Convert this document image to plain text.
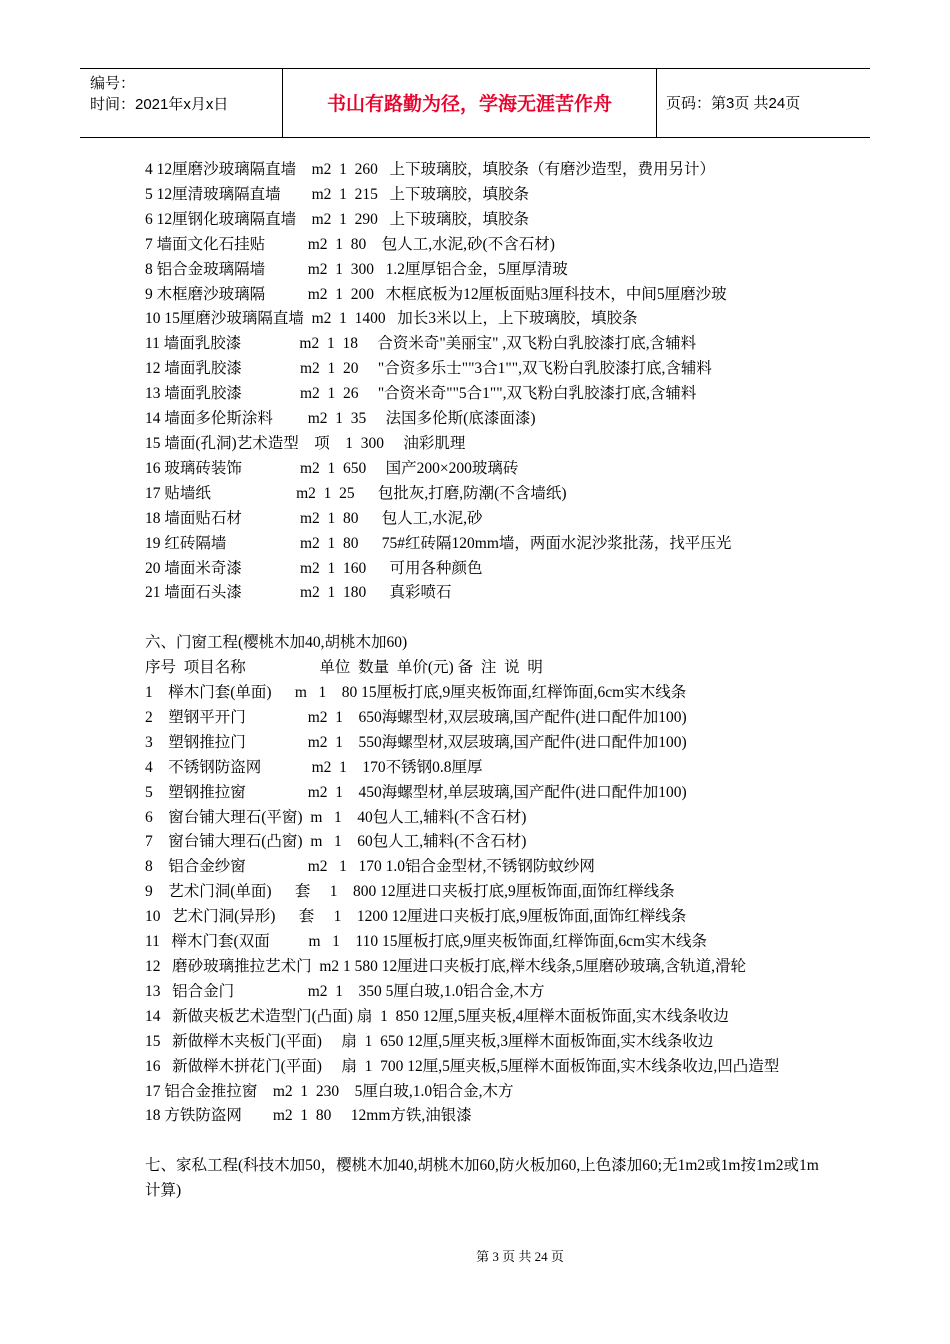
编号：
时间：2021年x月x日	书山有路勤为径，学海无涯苦作舟	页码：第3页 共24页
4 12厘磨沙玻璃隔直墙    m2  1  260   上下玻璃胶，填胶条（有磨沙造型，费用另计）
5 12厘清玻璃隔直墙        m2  1  215   上下玻璃胶，填胶条
6 12厘钢化玻璃隔直墙    m2  1  290   上下玻璃胶，填胶条
7 墙面文化石挂贴           m2  1  80    包人工,水泥,砂(不含石材)
8 铝合金玻璃隔墙           m2  1  300   1.2厘厚铝合金，5厘厚清玻
9 木框磨沙玻璃隔           m2  1  200   木框底板为12厘板面贴3厘科技木，中间5厘磨沙玻
10 15厘磨沙玻璃隔直墙  m2  1  1400   加长3米以上，上下玻璃胶，填胶条
11 墙面乳胶漆               m2  1  18     合资米奇"美丽宝" ,双飞粉白乳胶漆打底,含辅料
12 墙面乳胶漆               m2  1  20     "合资多乐士""3合1"",双飞粉白乳胶漆打底,含辅料
13 墙面乳胶漆               m2  1  26     "合资米奇""5合1"",双飞粉白乳胶漆打底,含辅料
14 墙面多伦斯涂料         m2  1  35     法国多伦斯(底漆面漆)
15 墙面(孔洞)艺术造型    项    1  300     油彩肌理
16 玻璃砖装饰               m2  1  650     国产200×200玻璃砖
17 贴墙纸                      m2  1  25      包批灰,打磨,防潮(不含墙纸)
18 墙面贴石材               m2  1  80      包人工,水泥,砂
19 红砖隔墙                   m2  1  80      75#红砖隔120mm墙，两面水泥沙浆批荡，找平压光
20 墙面米奇漆               m2  1  160      可用各种颜色
21 墙面石头漆               m2  1  180      真彩喷石

六、门窗工程(樱桃木加40,胡桃木加60)
序号  项目名称                   单位  数量  单价(元) 备  注  说  明
1    榉木门套(单面)      m   1    80 15厘板打底,9厘夹板饰面,红榉饰面,6cm实木线条
2    塑钢平开门                m2  1    650海螺型材,双层玻璃,国产配件(进口配件加100)
3    塑钢推拉门                m2  1    550海螺型材,双层玻璃,国产配件(进口配件加100)
4    不锈钢防盗网             m2  1    170不锈钢0.8厘厚
5    塑钢推拉窗                m2  1    450海螺型材,单层玻璃,国产配件(进口配件加100)
6    窗台铺大理石(平窗)  m   1    40包人工,辅料(不含石材)
7    窗台铺大理石(凸窗)  m   1    60包人工,辅料(不含石材)
8    铝合金纱窗                m2   1   170 1.0铝合金型材,不锈钢防蚊纱网
9    艺术门洞(单面)      套     1    800 12厘进口夹板打底,9厘板饰面,面饰红榉线条
10   艺术门洞(异形)      套     1    1200 12厘进口夹板打底,9厘板饰面,面饰红榉线条
11   榉木门套(双面          m   1    110 15厘板打底,9厘夹板饰面,红榉饰面,6cm实木线条
12   磨砂玻璃推拉艺术门  m2 1 580 12厘进口夹板打底,榉木线条,5厘磨砂玻璃,含轨道,滑轮
13   铝合金门                   m2  1    350 5厘白玻,1.0铝合金,木方
14   新做夹板艺术造型门(凸面) 扇  1  850 12厘,5厘夹板,4厘榉木面板饰面,实木线条收边
15   新做榉木夹板门(平面)     扇  1  650 12厘,5厘夹板,3厘榉木面板饰面,实木线条收边
16   新做榉木拼花门(平面)     扇  1  700 12厘,5厘夹板,5厘榉木面板饰面,实木线条收边,凹凸造型
17 铝合金推拉窗    m2  1  230    5厘白玻,1.0铝合金,木方
18 方铁防盗网        m2  1  80     12mm方铁,油银漆

七、家私工程(科技木加50，樱桃木加40,胡桃木加60,防火板加60,上色漆加60;无1m2或1m按1m2或1m计算)
第 3 页 共 24 页
